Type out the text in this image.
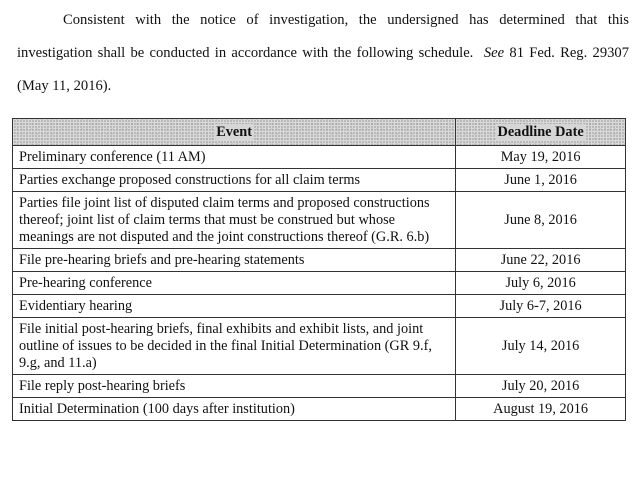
Consistent with the notice of investigation, the undersigned has determined that this investigation shall be conducted in accordance with the following schedule. See 81 Fed. Reg. 29307 (May 11, 2016).
Event	Deadline Date
Preliminary conference (11 AM)	May 19, 2016
Parties exchange proposed constructions for all claim terms	June 1, 2016
Parties file joint list of disputed claim terms and proposed constructions thereof; joint list of claim terms that must be construed but whose meanings are not disputed and the joint constructions thereof (G.R. 6.b)	June 8, 2016
File pre-hearing briefs and pre-hearing statements	June 22, 2016
Pre-hearing conference	July 6, 2016
Evidentiary hearing	July 6-7, 2016
File initial post-hearing briefs, final exhibits and exhibit lists, and joint outline of issues to be decided in the final Initial Determination (GR 9.f, 9.g, and 11.a)	July 14, 2016
File reply post-hearing briefs	July 20, 2016
Initial Determination (100 days after institution)	August 19, 2016
